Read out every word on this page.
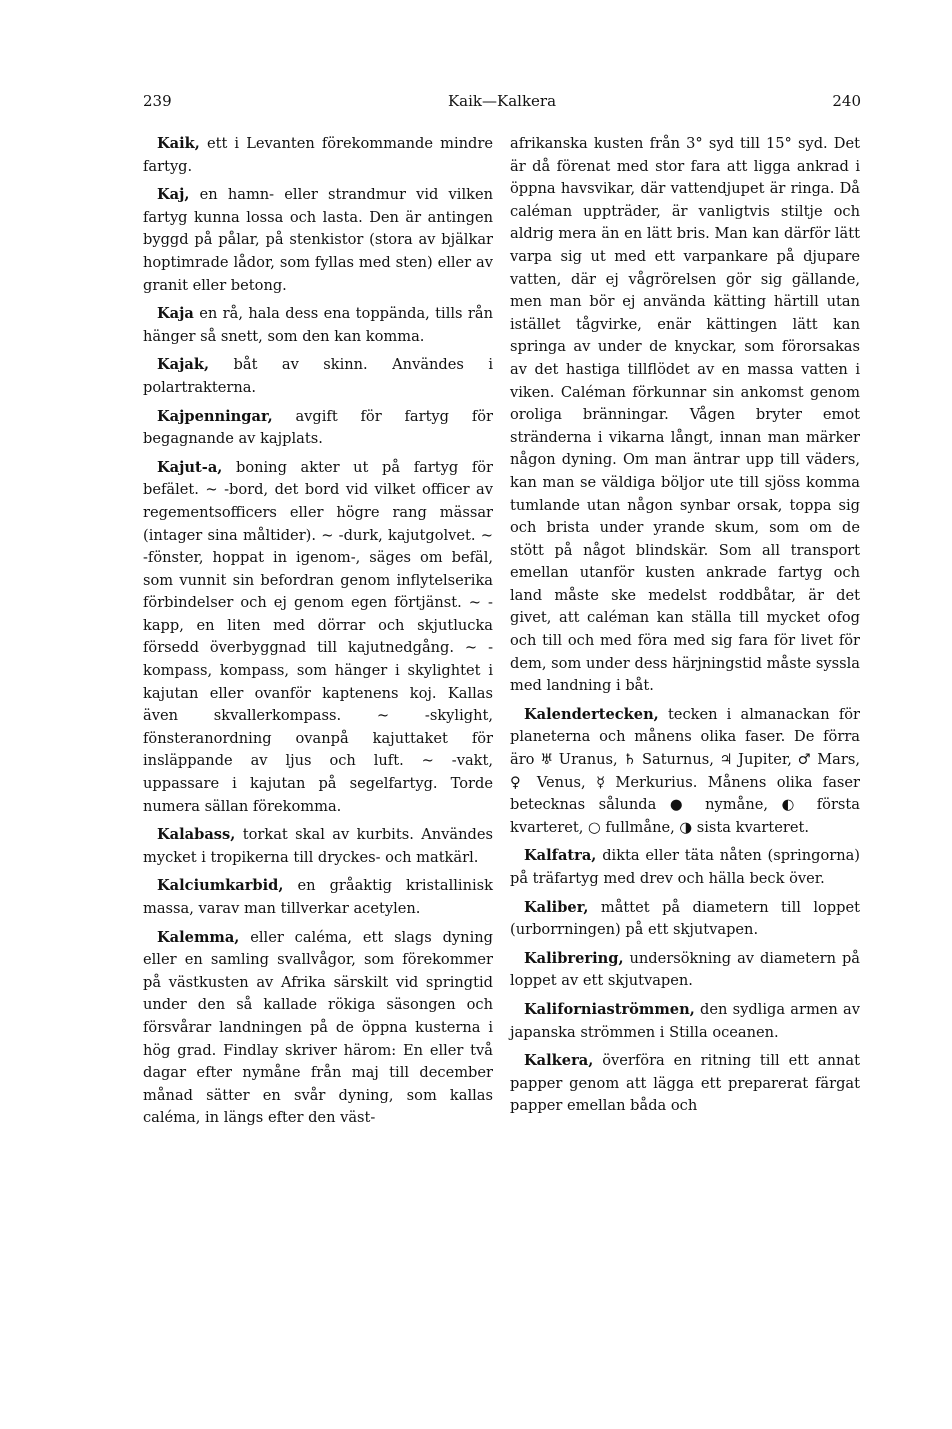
239	Kaik—Kalkera	240

Kaik, ett i Levanten förekommande mindre fartyg.

Kaj, en hamn- eller strandmur vid vilken fartyg kunna lossa och lasta. Den är antingen byggd på pålar, på stenkistor (stora av bjälkar hoptimrade lådor, som fyllas med sten) eller av granit eller betong.

Kaja en rå, hala dess ena toppända, tills rån hänger så snett, som den kan komma.

Kajak, båt av skinn. Användes i polartrakterna.

Kajpenningar, avgift för fartyg för begagnande av kajplats.

Kajut-a, boning akter ut på fartyg för befälet. ~ -bord, det bord vid vilket officer av regementsofficers eller högre rang mässar (intager sina måltider). ~ -durk, kajutgolvet. ~ -fönster, hoppat in igenom-, säges om befäl, som vunnit sin befordran genom inflytelserika förbindelser och ej genom egen förtjänst. ~ -kapp, en liten med dörrar och skjutlucka försedd överbyggnad till kajutnedgång. ~ -kompass, kompass, som hänger i skylightet i kajutan eller ovanför kaptenens koj. Kallas även skvallerkompass. ~ -skylight, fönsteranordning ovanpå kajuttaket för insläppande av ljus och luft. ~ -vakt, uppassare i kajutan på segelfartyg. Torde numera sällan förekomma.

Kalabass, torkat skal av kurbits. Användes mycket i tropikerna till dryckes- och matkärl.

Kalciumkarbid, en gråaktig kristallinisk massa, varav man tillverkar acetylen.

Kalemma, eller caléma, ett slags dyning eller en samling svallvågor, som förekommer på västkusten av Afrika särskilt vid springtid under den så kallade rökiga säsongen och försvårar landningen på de öppna kusterna i hög grad. Findlay skriver härom: En eller två dagar efter nymåne från maj till december månad sätter en svår dyning, som kallas caléma, in längs efter den väst-

afrikanska kusten från 3° syd till 15° syd. Det är då förenat med stor fara att ligga ankrad i öppna havsvikar, där vattendjupet är ringa. Då caléman uppträder, är vanligtvis stiltje och aldrig mera än en lätt bris. Man kan därför lätt varpa sig ut med ett varpankare på djupare vatten, där ej vågrörelsen gör sig gällande, men man bör ej använda kätting härtill utan istället tågvirke, enär kättingen lätt kan springa av under de knyckar, som förorsakas av det hastiga tillflödet av en massa vatten i viken. Caléman förkunnar sin ankomst genom oroliga bränningar. Vågen bryter emot stränderna i vikarna långt, innan man märker någon dyning. Om man äntrar upp till väders, kan man se väldiga böljor ute till sjöss komma tumlande utan någon synbar orsak, toppa sig och brista under yrande skum, som om de stött på något blindskär. Som all transport emellan utanför kusten ankrade fartyg och land måste ske medelst roddbåtar, är det givet, att caléman kan ställa till mycket ofog och till och med föra med sig fara för livet för dem, som under dess härjningstid måste syssla med landning i båt.

Kalendertecken, tecken i almanackan för planeterna och månens olika faser. De förra äro ♅ Uranus, ♄ Saturnus, ♃ Jupiter, ♂ Mars, ♀ Venus, ☿ Merkurius. Månens olika faser betecknas sålunda ● nymåne, ◐ första kvarteret, ○ fullmåne, ◑ sista kvarteret.

Kalfatra, dikta eller täta nåten (springorna) på träfartyg med drev och hälla beck över.

Kaliber, måttet på diametern till loppet (urborrningen) på ett skjutvapen.

Kalibrering, undersökning av diametern på loppet av ett skjutvapen.

Kaliforniaströmmen, den sydliga armen av japanska strömmen i Stilla oceanen.

Kalkera, överföra en ritning till ett annat papper genom att lägga ett preparerat färgat papper emellan båda och
